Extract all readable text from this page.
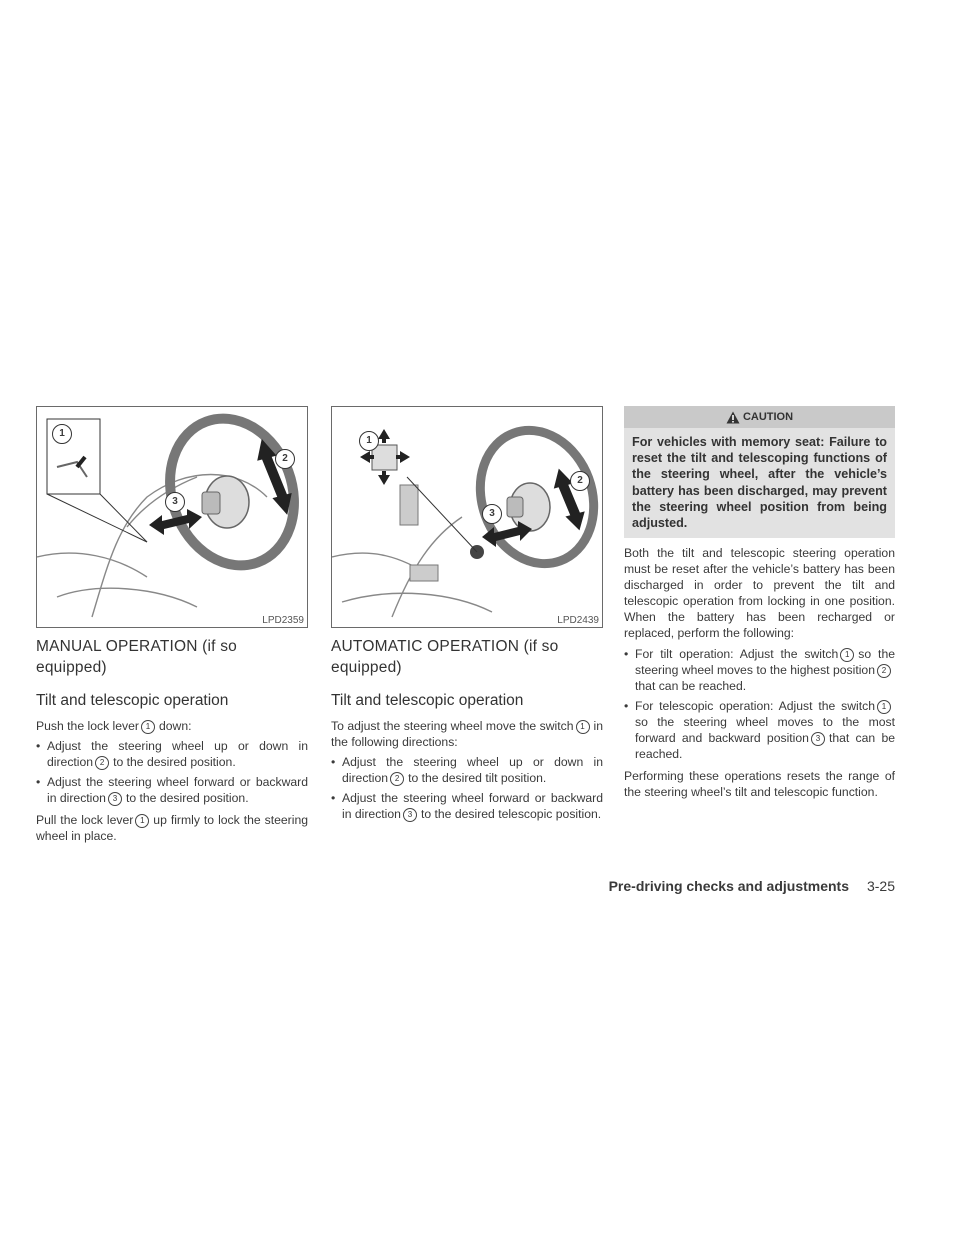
1
2
3
LPD2359
1
2
3
LPD2439
MANUAL OPERATION (if so equipped)
Tilt and telescopic operation

Push the lock lever 1 down:

• Adjust the steering wheel up or down in direction 2 to the desired position.
• Adjust the steering wheel forward or backward in direction 3 to the desired position.

Pull the lock lever 1 up firmly to lock the steering wheel in place.

AUTOMATIC OPERATION (if so equipped)
Tilt and telescopic operation

To adjust the steering wheel move the switch 1 in the following directions:

• Adjust the steering wheel up or down in direction 2 to the desired tilt position.
• Adjust the steering wheel forward or backward in direction 3 to the desired telescopic position.
CAUTION
For vehicles with memory seat: Failure to reset the tilt and telescoping functions of the steering wheel, after the vehicle’s battery has been discharged, may prevent the steering wheel position from being adjusted.

Both the tilt and telescopic steering operation must be reset after the vehicle’s battery has been discharged in order to prevent the tilt and telescopic operation from locking in one position. When the battery has been recharged or replaced, perform the following:

• For tilt operation: Adjust the switch 1 so the steering wheel moves to the highest position 2that can be reached.
• For telescopic operation: Adjust the switch 1so the steering wheel moves to the most forward and backward position 3 that can be reached.

Performing these operations resets the range of the steering wheel’s tilt and telescopic function.

Pre-driving checks and adjustments 3-25
